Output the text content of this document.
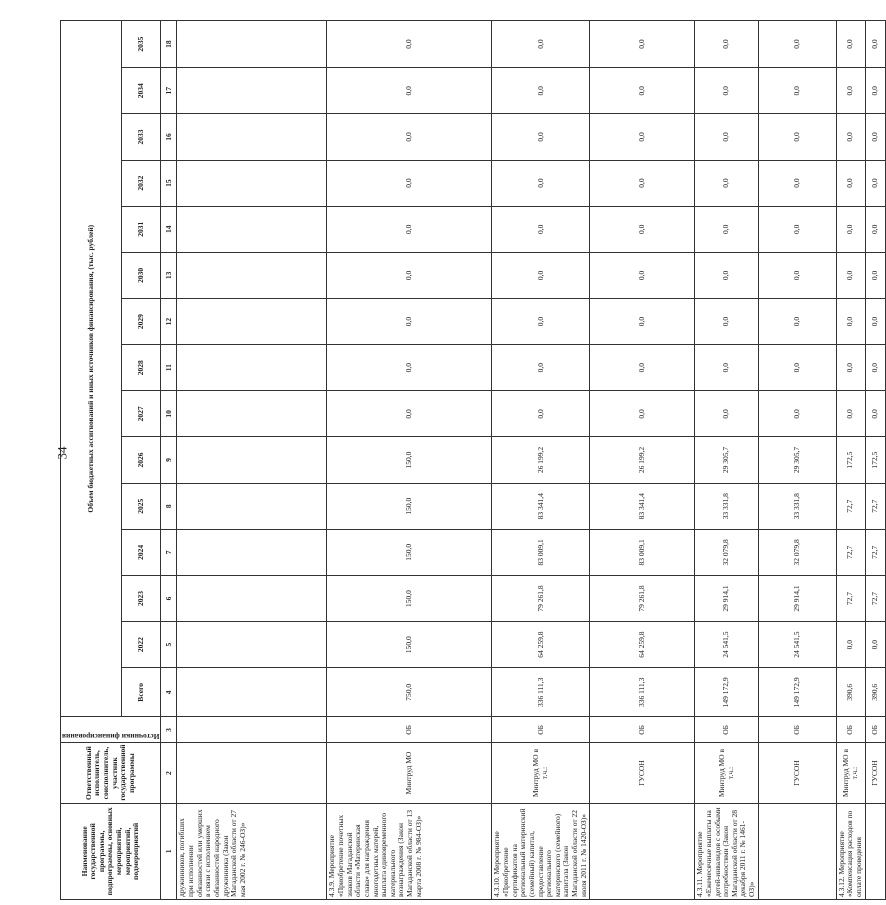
34
Наименование государственной программы, подпрограммы, основных мероприятий, мероприятий, подмероприятий	Ответственный исполнитель, соисполнитель, участник государственной программы	Источники финансирования	Объем бюджетных ассигнований и иных источников финансирования, (тыс. рублей)														
			Всего	2022	2023	2024	2025	2026	2027	2028	2029	2030	2031	2032	2033	2034	2035
1	2	3	4	5	6	7	8	9	10	11	12	13	14	15	16	17	18
дружинников, погибших при исполнении обязанностей или умерших в связи с исполнением обязанностей народного дружинника (Закон Магаданской области от 27 мая 2002 г. № 246-ОЗ)»																	
4.3.9. Мероприятие «Приобретение почетных знаков Магаданской области «Материнская слава» для награждения многодетных матерей, выплата единовременного материального вознаграждения (Закон Магаданской области от 13 марта 2008 г. № 984-ОЗ)»	Минтруд МО	ОБ	750,0	150,0	150,0	150,0	150,0	150,0	0,0	0,0	0,0	0,0	0,0	0,0	0,0	0,0	0,0
4.3.10. Мероприятие «Приобретение сертификатов на региональный материнский (семейный) капитал, предоставление регионального материнского (семейного) капитала (Закон Магаданской области от 22 июля 2011 г. № 1420-ОЗ)»	Минтруд МО в т.ч.:	ОБ	336 111,3	64 259,8	79 261,8	83 009,1	83 341,4	26 199,2	0,0	0,0	0,0	0,0	0,0	0,0	0,0	0,0	0,0
	ГУСОН	ОБ	336 111,3	64 259,8	79 261,8	83 009,1	83 341,4	26 199,2	0,0	0,0	0,0	0,0	0,0	0,0	0,0	0,0	0,0
4.3.11. Мероприятие «Ежемесячные выплаты на детей-инвалидов с особыми потребностями (Закон Магаданской области от 28 декабря 2011 г. № 1461-ОЗ)»	Минтруд МО в т.ч.:	ОБ	149 172,9	24 541,5	29 914,1	32 079,8	33 331,8	29 305,7	0,0	0,0	0,0	0,0	0,0	0,0	0,0	0,0	0,0
	ГУСОН	ОБ	149 172,9	24 541,5	29 914,1	32 079,8	33 331,8	29 305,7	0,0	0,0	0,0	0,0	0,0	0,0	0,0	0,0	0,0
4.3.12. Мероприятие «Компенсация расходов по оплате проведения	Минтруд МО в т.ч.:	ОБ	390,6	0,0	72,7	72,7	72,7	172,5	0,0	0,0	0,0	0,0	0,0	0,0	0,0	0,0	0,0
	ГУСОН	ОБ	390,6	0,0	72,7	72,7	72,7	172,5	0,0	0,0	0,0	0,0	0,0	0,0	0,0	0,0	0,0
